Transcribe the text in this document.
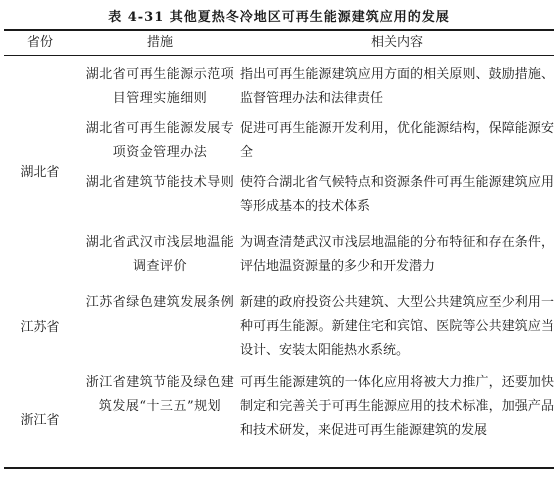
表 4-31 其他夏热冬冷地区可再生能源建筑应用的发展
省份	措施	相关内容
湖北省
江苏省
浙江省
湖北省可再生能源示范项目管理实施细则
指出可再生能源建筑应用方面的相关原则、鼓励措施、监督管理办法和法律责任
湖北省可再生能源发展专项资金管理办法
促进可再生能源开发利用，优化能源结构，保障能源安全
湖北省建筑节能技术导则 使符合湖北省气候特点和资源条件可再生能源建筑应用等形成基本的技术体系
湖北省武汉市浅层地温能调查评价
为调查清楚武汉市浅层地温能的分布特征和存在条件，评估地温资源量的多少和开发潜力
江苏省绿色建筑发展条例 新建的政府投资公共建筑、大型公共建筑应至少利用一种可再生能源。新建住宅和宾馆、医院等公共建筑应当设计、安装太阳能热水系统。
浙江省建筑节能及绿色建筑发展“十三五”规划
可再生能源建筑的一体化应用将被大力推广，还要加快制定和完善关于可再生能源应用的技术标准，加强产品和技术研发，来促进可再生能源建筑的发展
